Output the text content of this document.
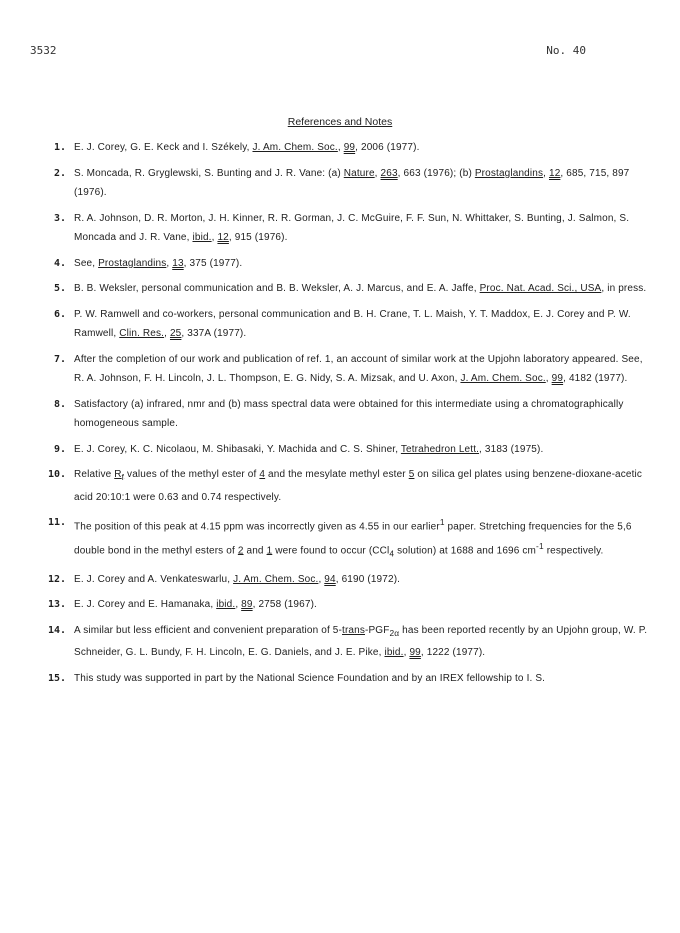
3532	No. 40
References and Notes
1. E. J. Corey, G. E. Keck and I. Székely, J. Am. Chem. Soc., 99, 2006 (1977).
2. S. Moncada, R. Gryglewski, S. Bunting and J. R. Vane: (a) Nature, 263, 663 (1976); (b) Prostaglandins, 12, 685, 715, 897 (1976).
3. R. A. Johnson, D. R. Morton, J. H. Kinner, R. R. Gorman, J. C. McGuire, F. F. Sun, N. Whittaker, S. Bunting, J. Salmon, S. Moncada and J. R. Vane, ibid., 12, 915 (1976).
4. See, Prostaglandins, 13, 375 (1977).
5. B. B. Weksler, personal communication and B. B. Weksler, A. J. Marcus, and E. A. Jaffe, Proc. Nat. Acad. Sci., USA, in press.
6. P. W. Ramwell and co-workers, personal communication and B. H. Crane, T. L. Maish, Y. T. Maddox, E. J. Corey and P. W. Ramwell, Clin. Res., 25, 337A (1977).
7. After the completion of our work and publication of ref. 1, an account of similar work at the Upjohn laboratory appeared. See, R. A. Johnson, F. H. Lincoln, J. L. Thompson, E. G. Nidy, S. A. Mizsak, and U. Axon, J. Am. Chem. Soc., 99, 4182 (1977).
8. Satisfactory (a) infrared, nmr and (b) mass spectral data were obtained for this intermediate using a chromatographically homogeneous sample.
9. E. J. Corey, K. C. Nicolaou, M. Shibasaki, Y. Machida and C. S. Shiner, Tetrahedron Lett., 3183 (1975).
10. Relative $R_f$ values of the methyl ester of 4 and the mesylate methyl ester 5 on silica gel plates using benzene-dioxane-acetic acid 20:10:1 were 0.63 and 0.74 respectively.
11. The position of this peak at 4.15 ppm was incorrectly given as 4.55 in our earlier$^1$ paper. Stretching frequencies for the 5,6 double bond in the methyl esters of 2 and 1 were found to occur (CCl$_4$ solution) at 1688 and 1696 $cm^{-1}$ respectively.
12. E. J. Corey and A. Venkateswarlu, J. Am. Chem. Soc., 94, 6190 (1972).
13. E. J. Corey and E. Hamanaka, ibid., 89, 2758 (1967).
14. A similar but less efficient and convenient preparation of $5-trans-PGF_{2\alpha}$ has been reported recently by an Upjohn group, W. P. Schneider, G. L. Bundy, F. H. Lincoln, E. G. Daniels, and J. E. Pike, ibid., 99, 1222 (1977).
15. This study was supported in part by the National Science Foundation and by an IREX fellowship to I. S.
